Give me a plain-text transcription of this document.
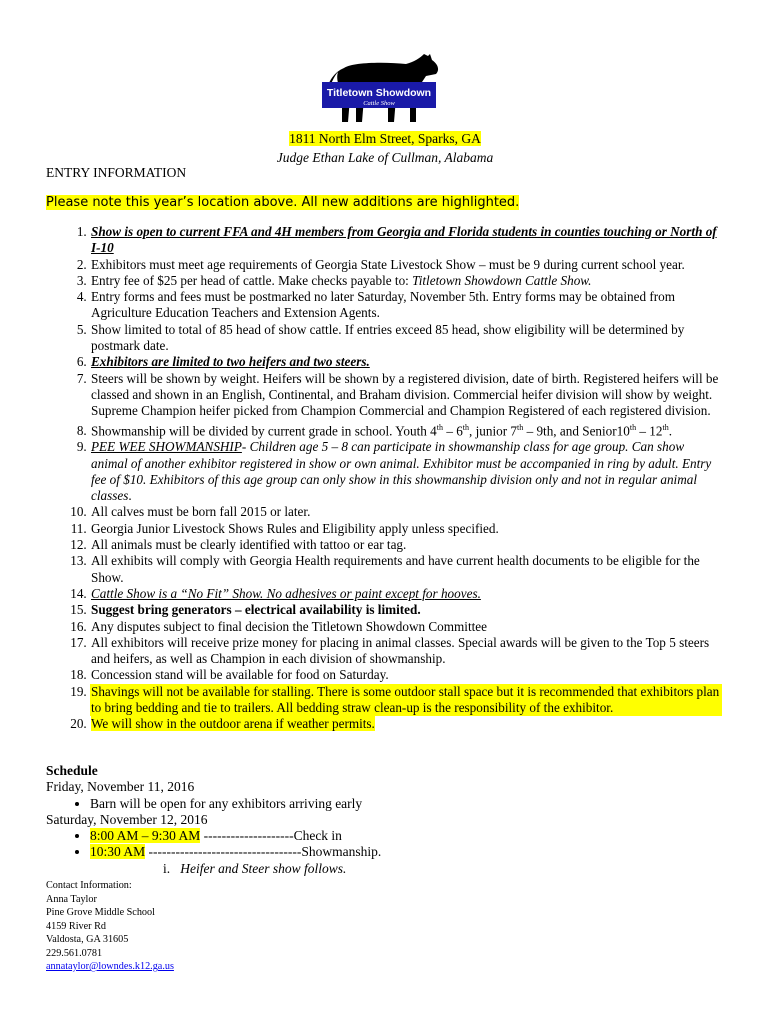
Titletown Showdown
Cattle Show
1811 North Elm Street, Sparks, GA
Judge Ethan Lake of Cullman, Alabama
ENTRY INFORMATION
Please note this year’s location above. All new additions are highlighted.
1. Show is open to current FFA and 4H members from Georgia and Florida students in counties touching or North of I-10
2. Exhibitors must meet age requirements of Georgia State Livestock Show – must be 9 during current school year.
3. Entry fee of $25 per head of cattle. Make checks payable to: Titletown Showdown Cattle Show.
4. Entry forms and fees must be postmarked no later Saturday, November 5th. Entry forms may be obtained from Agriculture Education Teachers and Extension Agents.
5. Show limited to total of 85 head of show cattle. If entries exceed 85 head, show eligibility will be determined by postmark date.
6. Exhibitors are limited to two heifers and two steers.
7. Steers will be shown by weight. Heifers will be shown by a registered division, date of birth. Registered heifers will be classed and shown in an English, Continental, and Braham division. Commercial heifer division will show by weight. Supreme Champion heifer picked from Champion Commercial and Champion Registered of each registered division.
8. Showmanship will be divided by current grade in school. Youth 4th – 6th, junior 7th – 9th, and Senior10th – 12th.
9. PEE WEE SHOWMANSHIP- Children age 5 – 8 can participate in showmanship class for age group. Can show animal of another exhibitor registered in show or own animal. Exhibitor must be accompanied in ring by adult. Entry fee of $10. Exhibitors of this age group can only show in this showmanship division only and not in regular animal classes.
10. All calves must be born fall 2015 or later.
11. Georgia Junior Livestock Shows Rules and Eligibility apply unless specified.
12. All animals must be clearly identified with tattoo or ear tag.
13. All exhibits will comply with Georgia Health requirements and have current health documents to be eligible for the Show.
14. Cattle Show is a “No Fit” Show. No adhesives or paint except for hooves.
15. Suggest bring generators – electrical availability is limited.
16. Any disputes subject to final decision the Titletown Showdown Committee
17. All exhibitors will receive prize money for placing in animal classes. Special awards will be given to the Top 5 steers and heifers, as well as Champion in each division of showmanship.
18. Concession stand will be available for food on Saturday.
19. Shavings will not be available for stalling. There is some outdoor stall space but it is recommended that exhibitors plan to bring bedding and tie to trailers. All bedding straw clean-up is the responsibility of the exhibitor.
20. We will show in the outdoor arena if weather permits.
Schedule
Friday, November 11, 2016
• Barn will be open for any exhibitors arriving early
Saturday, November 12, 2016
• 8:00 AM – 9:30 AM --------------------Check in
• 10:30 AM ----------------------------------Showmanship.
i. Heifer and Steer show follows.
Contact Information:
Anna Taylor
Pine Grove Middle School
4159 River Rd
Valdosta, GA 31605
229.561.0781
annataylor@lowndes.k12.ga.us
